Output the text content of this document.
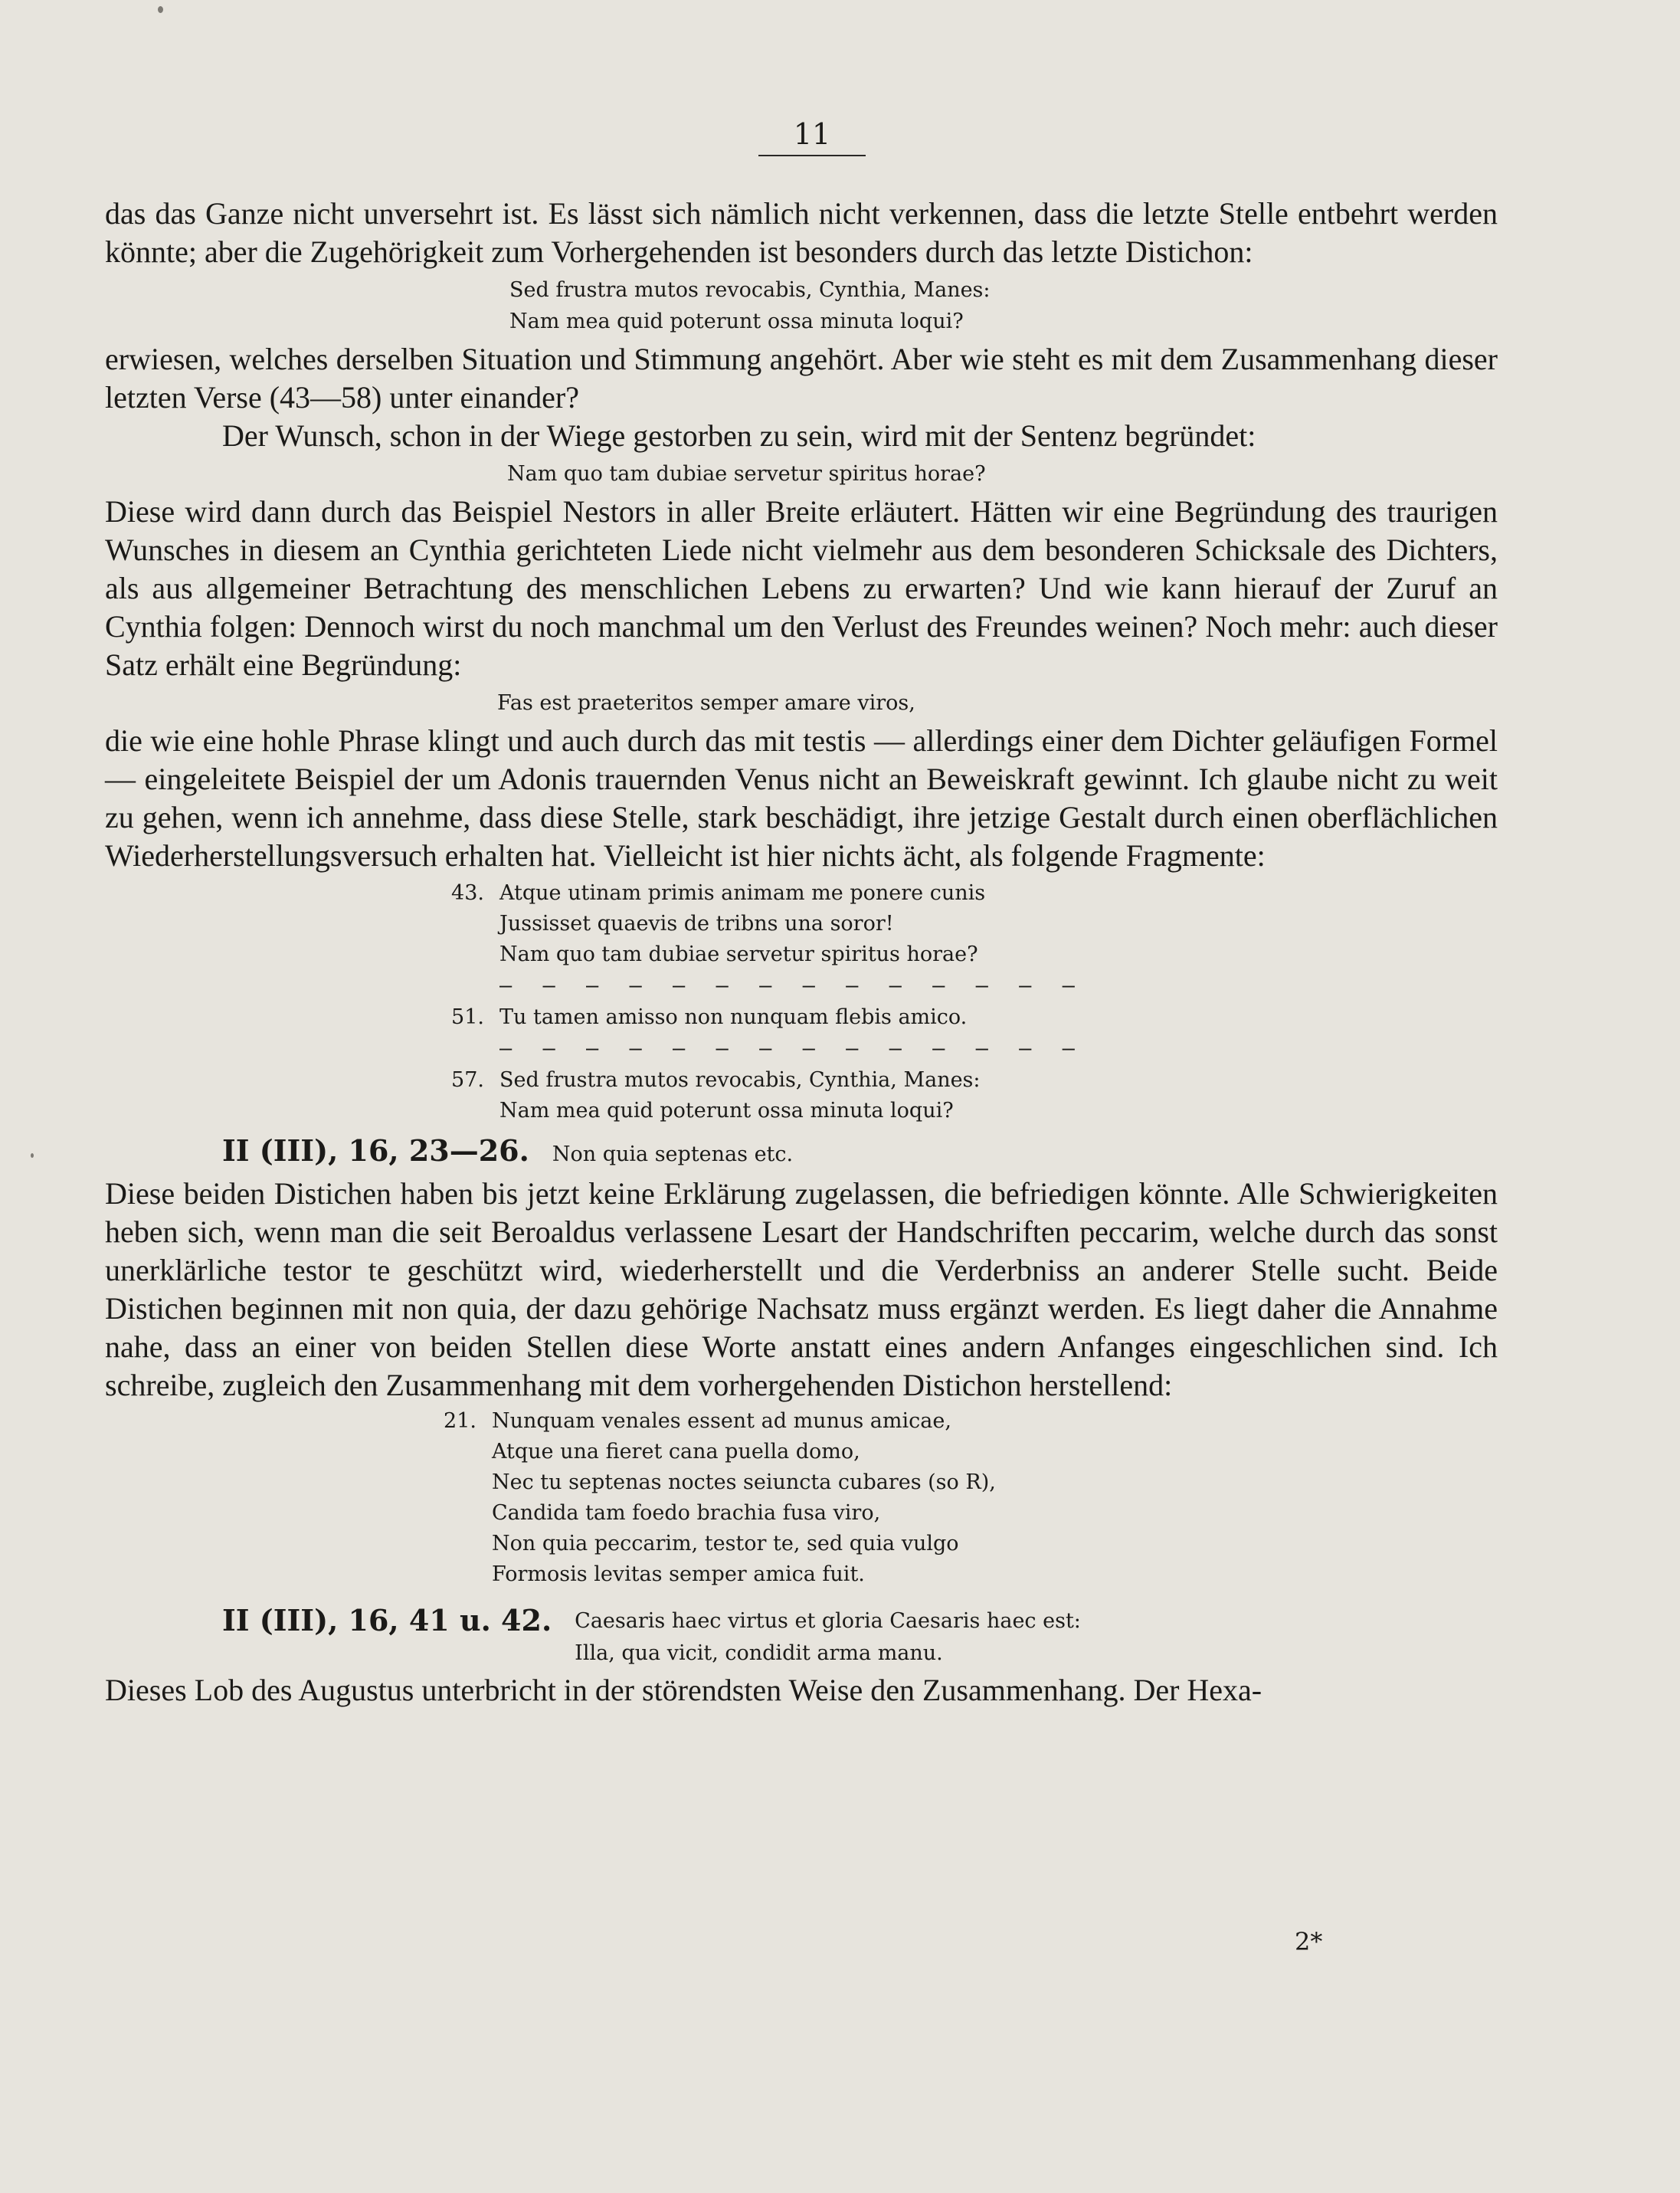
11

das das Ganze nicht unversehrt ist. Es lässt sich nämlich nicht verkennen, dass die letzte Stelle entbehrt werden könnte; aber die Zugehörigkeit zum Vorhergehenden ist besonders durch das letzte Distichon:

Sed frustra mutos revocabis, Cynthia, Manes:
Nam mea quid poterunt ossa minuta loqui?

erwiesen, welches derselben Situation und Stimmung angehört. Aber wie steht es mit dem Zusammenhang dieser letzten Verse (43—58) unter einander?

Der Wunsch, schon in der Wiege gestorben zu sein, wird mit der Sentenz begründet:

Nam quo tam dubiae servetur spiritus horae?

Diese wird dann durch das Beispiel Nestors in aller Breite erläutert. Hätten wir eine Begründung des traurigen Wunsches in diesem an Cynthia gerichteten Liede nicht vielmehr aus dem besonderen Schicksale des Dichters, als aus allgemeiner Betrachtung des menschlichen Lebens zu erwarten? Und wie kann hierauf der Zuruf an Cynthia folgen: Dennoch wirst du noch manchmal um den Verlust des Freundes weinen? Noch mehr: auch dieser Satz erhält eine Begründung:

Fas est praeteritos semper amare viros,

die wie eine hohle Phrase klingt und auch durch das mit testis — allerdings einer dem Dichter geläufigen Formel — eingeleitete Beispiel der um Adonis trauernden Venus nicht an Beweiskraft gewinnt. Ich glaube nicht zu weit zu gehen, wenn ich annehme, dass diese Stelle, stark beschädigt, ihre jetzige Gestalt durch einen oberflächlichen Wiederherstellungsversuch erhalten hat. Vielleicht ist hier nichts ächt, als folgende Fragmente:

43. Atque utinam primis animam me ponere cunis
Jussisset quaevis de tribns una soror!
Nam quo tam dubiae servetur spiritus horae?
— — — — — — — — — — — — — —
51. Tu tamen amisso non nunquam flebis amico.
— — — — — — — — — — — — — —
57. Sed frustra mutos revocabis, Cynthia, Manes:
Nam mea quid poterunt ossa minuta loqui?
II (III), 16, 23—26.	Non quia septenas etc.

Diese beiden Distichen haben bis jetzt keine Erklärung zugelassen, die befriedigen könnte. Alle Schwierigkeiten heben sich, wenn man die seit Beroaldus verlassene Lesart der Handschriften peccarim, welche durch das sonst unerklärliche testor te geschützt wird, wiederherstellt und die Verderbniss an anderer Stelle sucht. Beide Distichen beginnen mit non quia, der dazu gehörige Nachsatz muss ergänzt werden. Es liegt daher die Annahme nahe, dass an einer von beiden Stellen diese Worte anstatt eines andern Anfanges eingeschlichen sind. Ich schreibe, zugleich den Zusammenhang mit dem vorhergehenden Distichon herstellend:

21. Nunquam venales essent ad munus amicae,
Atque una fieret cana puella domo,
Nec tu septenas noctes seiuncta cubares (so R),
Candida tam foedo brachia fusa viro,
Non quia peccarim, testor te, sed quia vulgo
Formosis levitas semper amica fuit.
II (III), 16, 41 u. 42. Caesaris haec virtus et gloria Caesaris haec est:
Illa, qua vicit, condidit arma manu.

Dieses Lob des Augustus unterbricht in der störendsten Weise den Zusammenhang. Der Hexa-

2*
